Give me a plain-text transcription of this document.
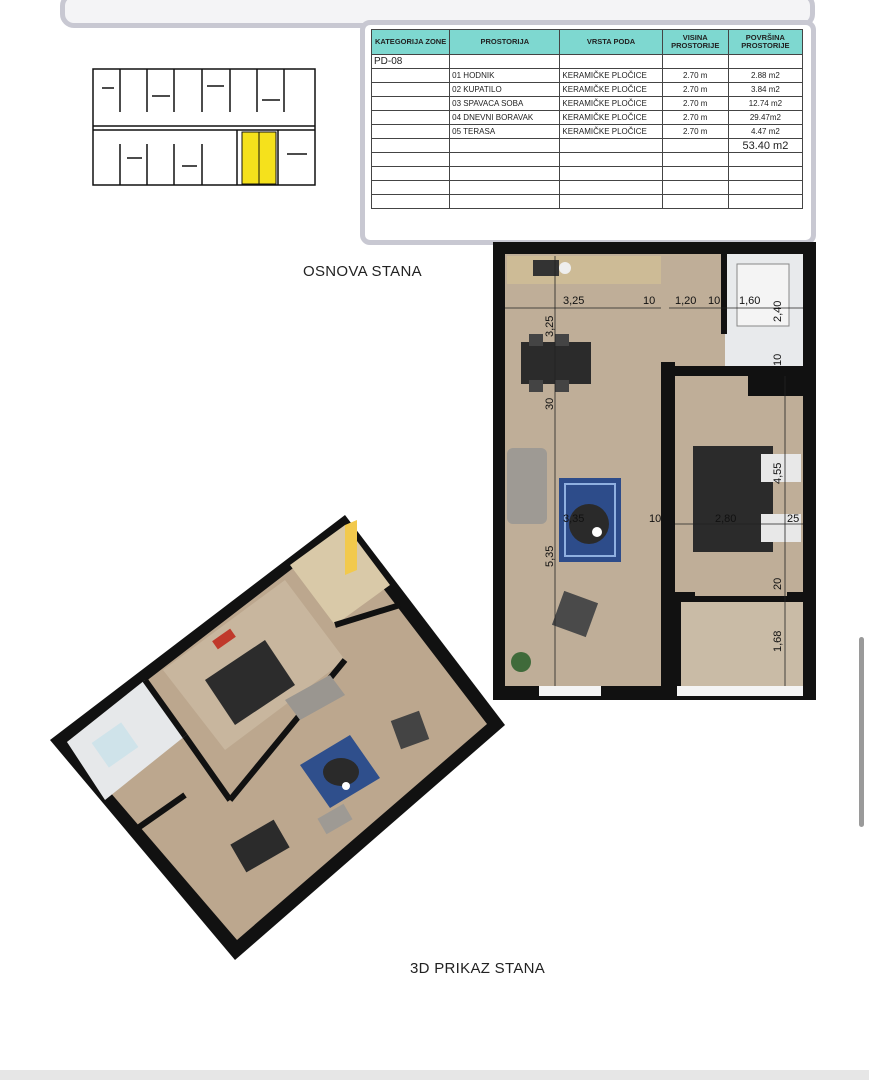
KATEGORIJA ZONE	PROSTORIJA	VRSTA PODA	VISINA PROSTORIJE	POVRŠINA PROSTORIJE
PD-08				
	01 HODNIK	KERAMIČKE PLOČICE	2.70 m	2.88 m2
	02 KUPATILO	KERAMIČKE PLOČICE	2.70 m	3.84 m2
	03 SPAVACA SOBA	KERAMIČKE PLOČICE	2.70 m	12.74 m2
	04 DNEVNI BORAVAK	KERAMIČKE PLOČICE	2.70 m	29.47m2
	05 TERASA	KERAMIČKE PLOČICE	2.70 m	4.47 m2
				53.40 m2

OSNOVA STANA
3,25	10 1,20 10 1,60 2,40
3,25
10
30
4,55
3,35	10	2,80	25
5,35
20
1,68
3D PRIKAZ STANA
